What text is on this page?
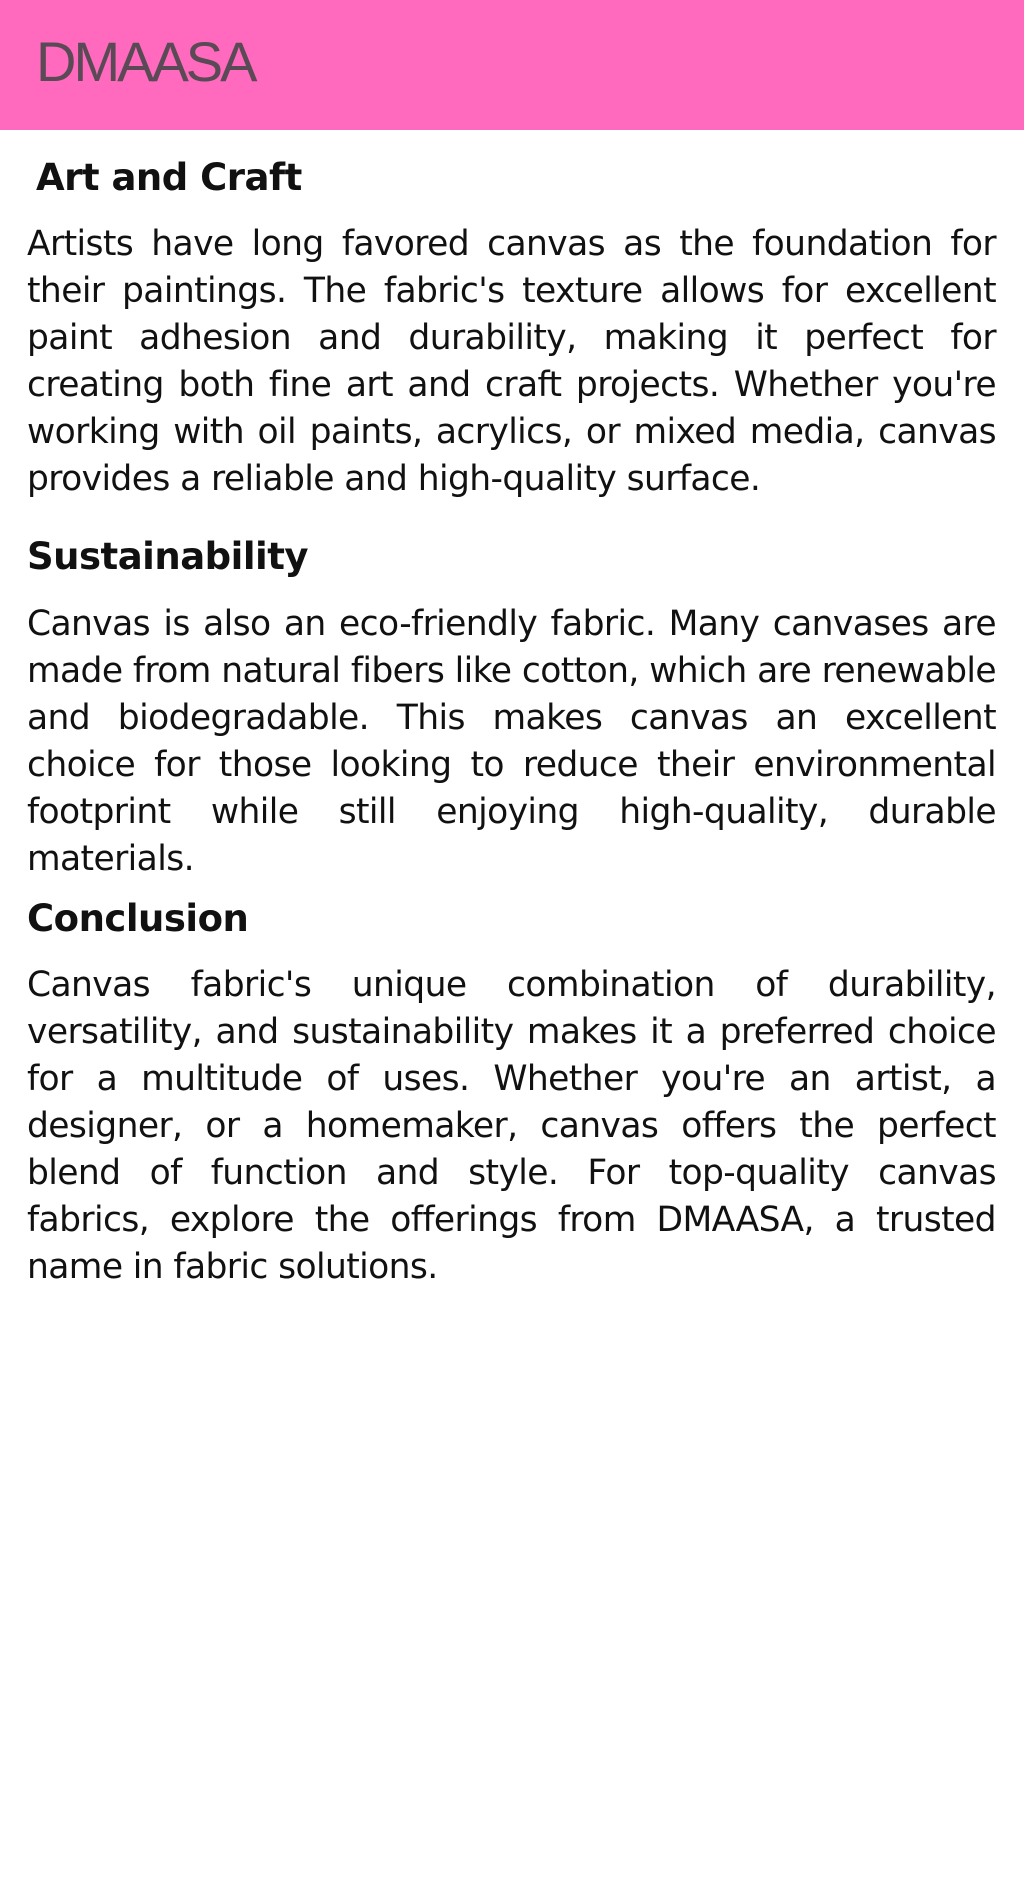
DMAASA
Art and Craft

Artists have long favored canvas as the foundation for their paintings. The fabric's texture allows for excellent paint adhesion and durability, making it perfect for creating both fine art and craft projects. Whether you're working with oil paints, acrylics, or mixed media, canvas provides a reliable and high-quality surface.

Sustainability

Canvas is also an eco-friendly fabric. Many canvases are made from natural fibers like cotton, which are renewable and biodegradable. This makes canvas an excellent choice for those looking to reduce their environmental footprint while still enjoying high-quality, durable materials.

Conclusion

Canvas fabric's unique combination of durability, versatility, and sustainability makes it a preferred choice for a multitude of uses. Whether you're an artist, a designer, or a homemaker, canvas offers the perfect blend of function and style. For top-quality canvas fabrics, explore the offerings from DMAASA, a trusted name in fabric solutions.
